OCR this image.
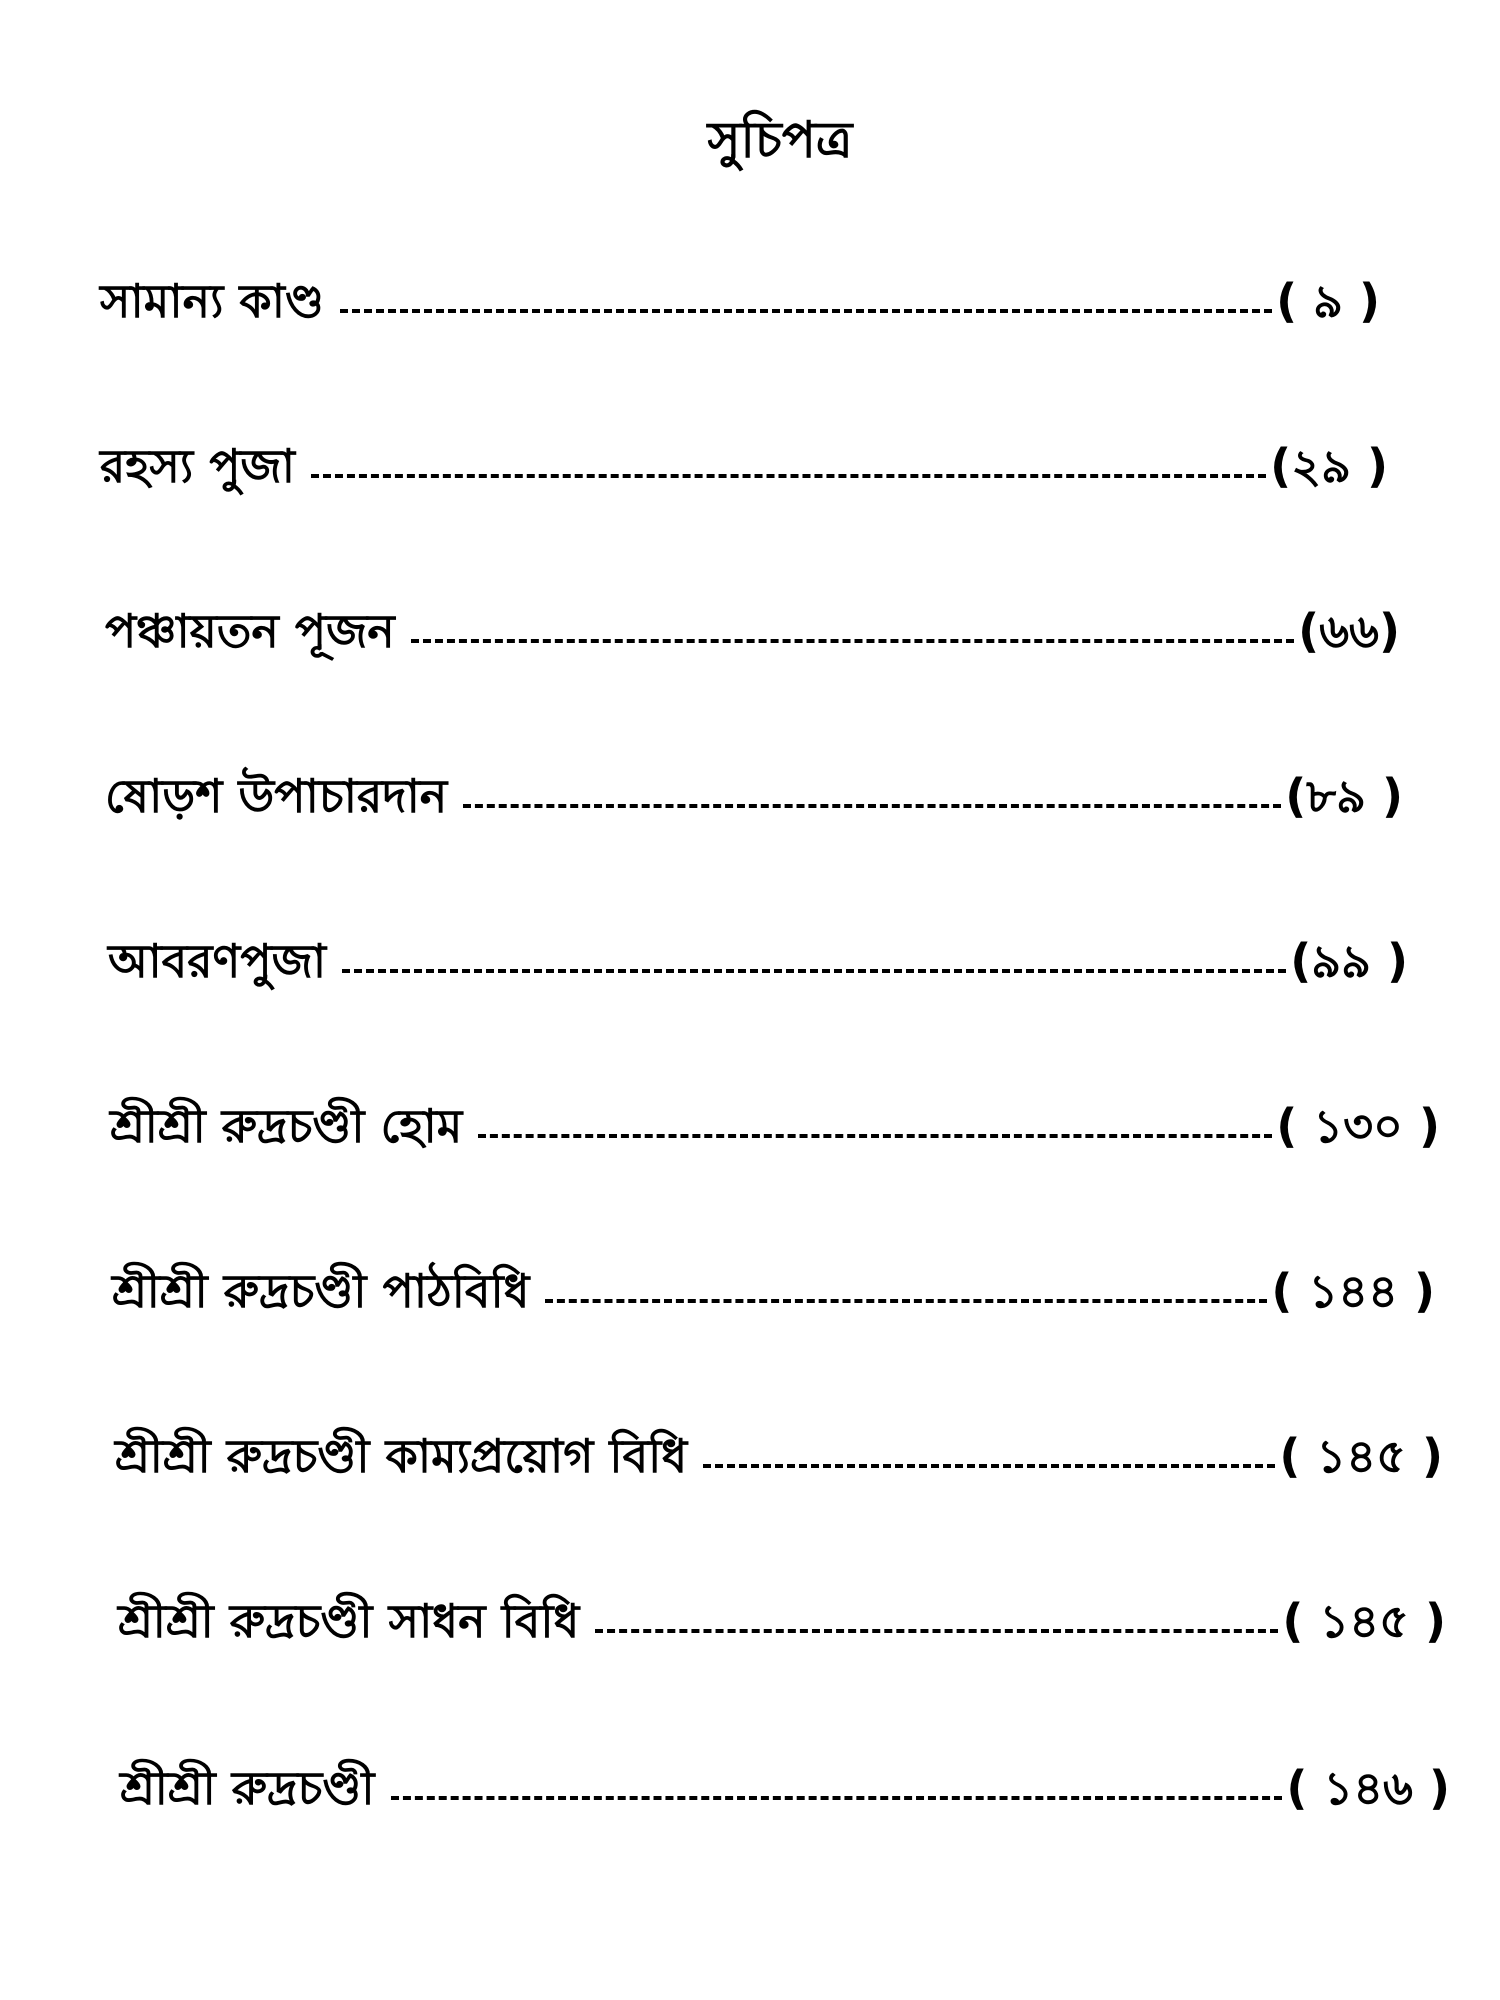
সুচিপত্র
সামান্য কাণ্ড	( ৯ )
রহস্য পুজা	(২৯ )
পঞ্চায়তন পূজন	(৬৬)
ষোড়শ উপাচারদান	(৮৯ )
আবরণপুজা	(৯৯ )
শ্রীশ্রী রুদ্রচণ্ডী হোম	( ১৩০ )
শ্রীশ্রী রুদ্রচণ্ডী পাঠবিধি	( ১৪৪ )
শ্রীশ্রী রুদ্রচণ্ডী কাম্যপ্রয়োগ বিধি	( ১৪৫ )
শ্রীশ্রী রুদ্রচণ্ডী সাধন বিধি	( ১৪৫ )
শ্রীশ্রী রুদ্রচণ্ডী	( ১৪৬ )
